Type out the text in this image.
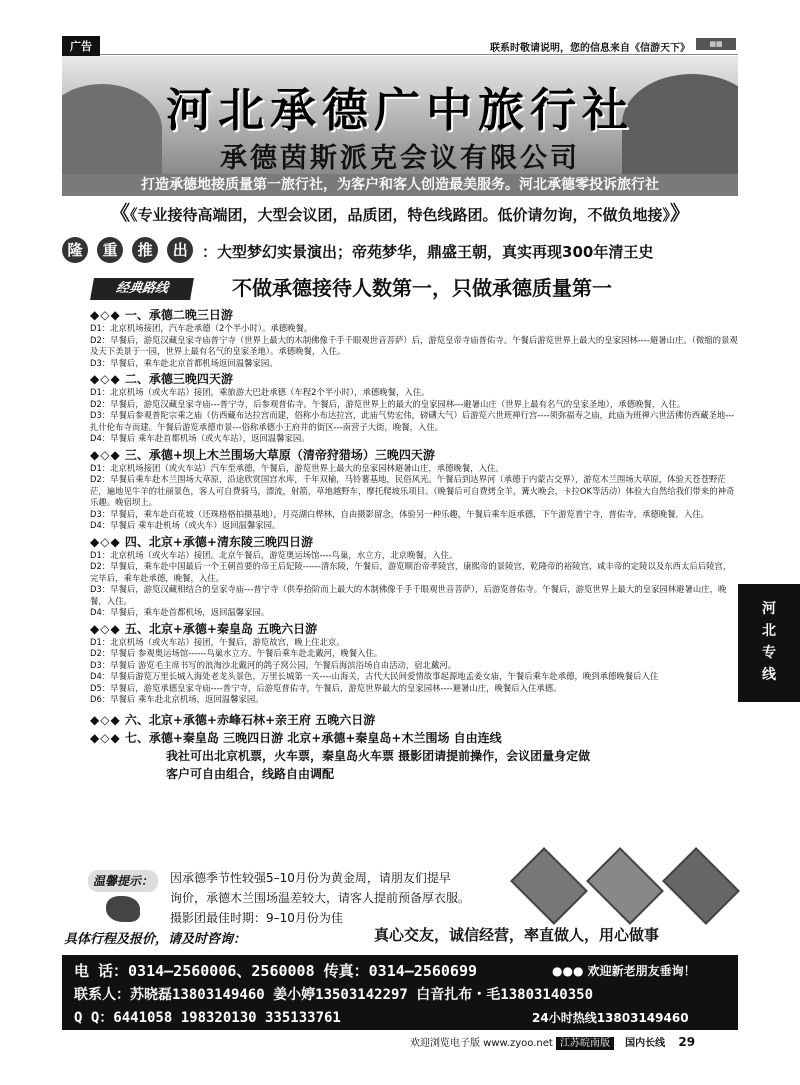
广告	联系时敬请说明，您的信息来自《信游天下》	▦▦
河北承德广中旅行社
承德茵斯派克会议有限公司
打造承德地接质量第一旅行社，为客户和客人创造最美服务。河北承德零投诉旅行社
《《专业接待高端团，大型会议团，品质团，特色线路团。低价请勿询，不做负地接》》
隆 重 推 出 ：大型梦幻实景演出；帝苑梦华，鼎盛王朝，真实再现300年清王史
经典路线	不做承德接待人数第一，只做承德质量第一
◆◇◆ 一、承德二晚三日游
D1：北京机场接团，汽车赴承德（2个半小时）。承德晚餐。
D2：早餐后，游览汉藏皇家寺庙普宁寺（世界上最大的木制佛像千手千眼观世音菩萨）后，游览皇帝寺庙普佑寺。午餐后游览世界上最大的皇家园林----避暑山庄。（微缩的景观及天下美景于一园，世界上最有名气的皇家圣地）。承德晚餐，入住。
D3：早餐后，乘车赴北京首都机场返回温馨家园。
◆◇◆ 二、承德三晚四天游
D1：北京机场（或火车站）接团，乘旅游大巴赴承德（车程2个半小时），承德晚餐，入住。
D2：早餐后，游览汉藏皇家寺庙---普宁寺，后参观普佑寺。午餐后，游览世界上的最大的皇家园林---避暑山庄（世界上最有名气的皇家圣地），承德晚餐，入住。
D3：早餐后参观普陀宗乘之庙（仿西藏布达拉宫而建，俗称小布达拉宫，此庙气势宏伟，磅礴大气）后游览六世班禅行宫----须弥福寿之庙，此庙为班禅六世活佛仿西藏圣地---扎什伦布寺而建。午餐后游览承德市景---俗称承德小王府井的街区---南营子大街，晚餐，入住。
D4：早餐后 乘车赴首都机场（或火车站），返回温馨家园。
◆◇◆ 三、承德+坝上木兰围场大草原（清帝狩猎场）三晚四天游
D1：北京机场接团（或火车站）汽车至承德，午餐后，游览世界上最大的皇家园林避暑山庄，承德晚餐，入住。
D2：早餐后乘车赴木兰围场大草原，沿途欣赏国宫水库，千年双榆，马铃薯基地，民俗风光。午餐后到达界河（承德于内蒙古交界），游览木兰围场大草原，体验天苍苍野茫茫，遍地见牛羊的壮丽景色，客人可自费骑马，漂流，射箭，草地越野车，摩托爬坡乐项目。（晚餐后可自费烤全羊，篝火晚会，卡拉OK等活动）体验大自然给我们带来的神奇乐趣。晚宿坝上。
D3：早餐后，乘车赴百花坡（还珠格格拍摄基地），月亮湖白桦林，自由摄影留念，体验另一种乐趣，午餐后乘车返承德，下午游览普宁寺，普佑寺，承德晚餐，入住。
D4：早餐后 乘车赴机场（或火车）返回温馨家园。
◆◇◆ 四、北京+承德+清东陵三晚四日游
D1：北京机场（或火车站）接团。北京午餐后，游览奥运场馆----鸟巢，水立方，北京晚餐，入住。
D2：早餐后，乘车赴中国最后一个王朝首要的帝王后妃陵------清东陵，午餐后，游览顺治帝孝陵宫，康熙帝的景陵宫，乾隆帝的裕陵宫，咸丰帝的定陵以及东西太后后陵宫，完毕后，乘车赴承德，晚餐，入住。
D3：早餐后，游览汉藏相结合的皇家寺庙---普宁寺（供奉拾阶而上最大的木制佛像千手千眼观世音菩萨），后游览普佑寺。午餐后，游览世界上最大的皇家园林避暑山庄，晚餐，入住。
D4：早餐后，乘车赴首都机场，返回温馨家园。
◆◇◆ 五、北京+承德+秦皇岛 五晚六日游
D1：北京机场（或火车站）接团，午餐后，游览故宫，晚上住北京。
D2：早餐后 参观奥运场馆------鸟巢水立方。午餐后乘车赴北戴河，晚餐入住。
D3：早餐后 游览毛主席书写的浪淘沙北戴河的鸽子窝公园，午餐后海滨浴场自由活动，宿北戴河。
D4：早餐后游览万里长城入海处老龙头景色，万里长城第一关----山海关，古代大民间爱情故事起源地孟姜女庙，午餐后乘车赴承德，晚到承德晚餐后入住
D5：早餐后，游览承德皇家寺庙----普宁寺，后游览普佑寺，午餐后，游览世界最大的皇家园林----避暑山庄，晚餐后入住承德。
D6：早餐后 乘车赴北京机场，返回温馨家园。
◆◇◆ 六、北京+承德+赤峰石林+亲王府 五晚六日游
◆◇◆ 七、承德+秦皇岛 三晚四日游 北京+承德+秦皇岛+木兰围场 自由连线
我社可出北京机票，火车票，秦皇岛火车票 摄影团请提前操作，会议团量身定做
客户可自由组合，线路自由调配
河
北
专
线
温馨提示：	因承德季节性较强5–10月份为黄金周，请朋友们提早
询价，承德木兰围场温差较大，请客人提前预备厚衣服。
摄影团最佳时期：9–10月份为佳
具体行程及报价，请及时咨询：	真心交友，诚信经营，率直做人，用心做事
电 话：0314–2560006、2560008 传真：0314–2560699	●●● 欢迎新老朋友垂询！
联系人：苏晓磊13803149460 姜小婷13503142297 白音扎布・毛13803140350
Q Q：6441058 198320130 335133761	24小时热线13803149460
欢迎浏览电子版 www.zyoo.net 江苏皖南版 国内长线 29
